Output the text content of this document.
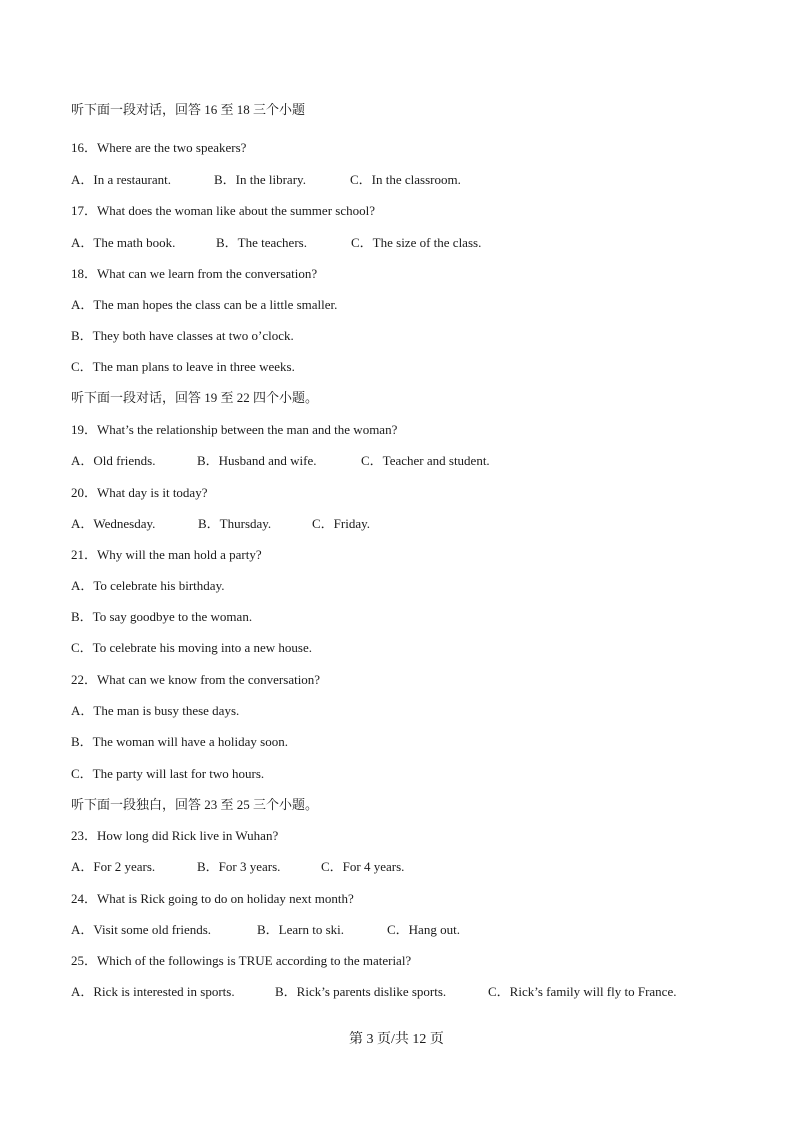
听下面一段对话，回答 16 至 18 三个小题
16．Where are the two speakers?
A．In a restaurant.	B．In the library.	C．In the classroom.
17．What does the woman like about the summer school?
A．The math book.	B．The teachers.	C．The size of the class.
18．What can we learn from the conversation?
A．The man hopes the class can be a little smaller.
B．They both have classes at two o’clock.
C．The man plans to leave in three weeks.
听下面一段对话，回答 19 至 22 四个小题。
19．What’s the relationship between the man and the woman?
A．Old friends.	B．Husband and wife.	C．Teacher and student.
20．What day is it today?
A．Wednesday.	B．Thursday.	C．Friday.
21．Why will the man hold a party?
A．To celebrate his birthday.
B．To say goodbye to the woman.
C．To celebrate his moving into a new house.
22．What can we know from the conversation?
A．The man is busy these days.
B．The woman will have a holiday soon.
C．The party will last for two hours.
听下面一段独白，回答 23 至 25 三个小题。
23．How long did Rick live in Wuhan?
A．For 2 years.	B．For 3 years.	C．For 4 years.
24．What is Rick going to do on holiday next month?
A．Visit some old friends.	B．Learn to ski.	C．Hang out.
25．Which of the followings is TRUE according to the material?
A．Rick is interested in sports.	B．Rick’s parents dislike sports.	C．Rick’s family will fly to France.
第 3 页/共 12 页
